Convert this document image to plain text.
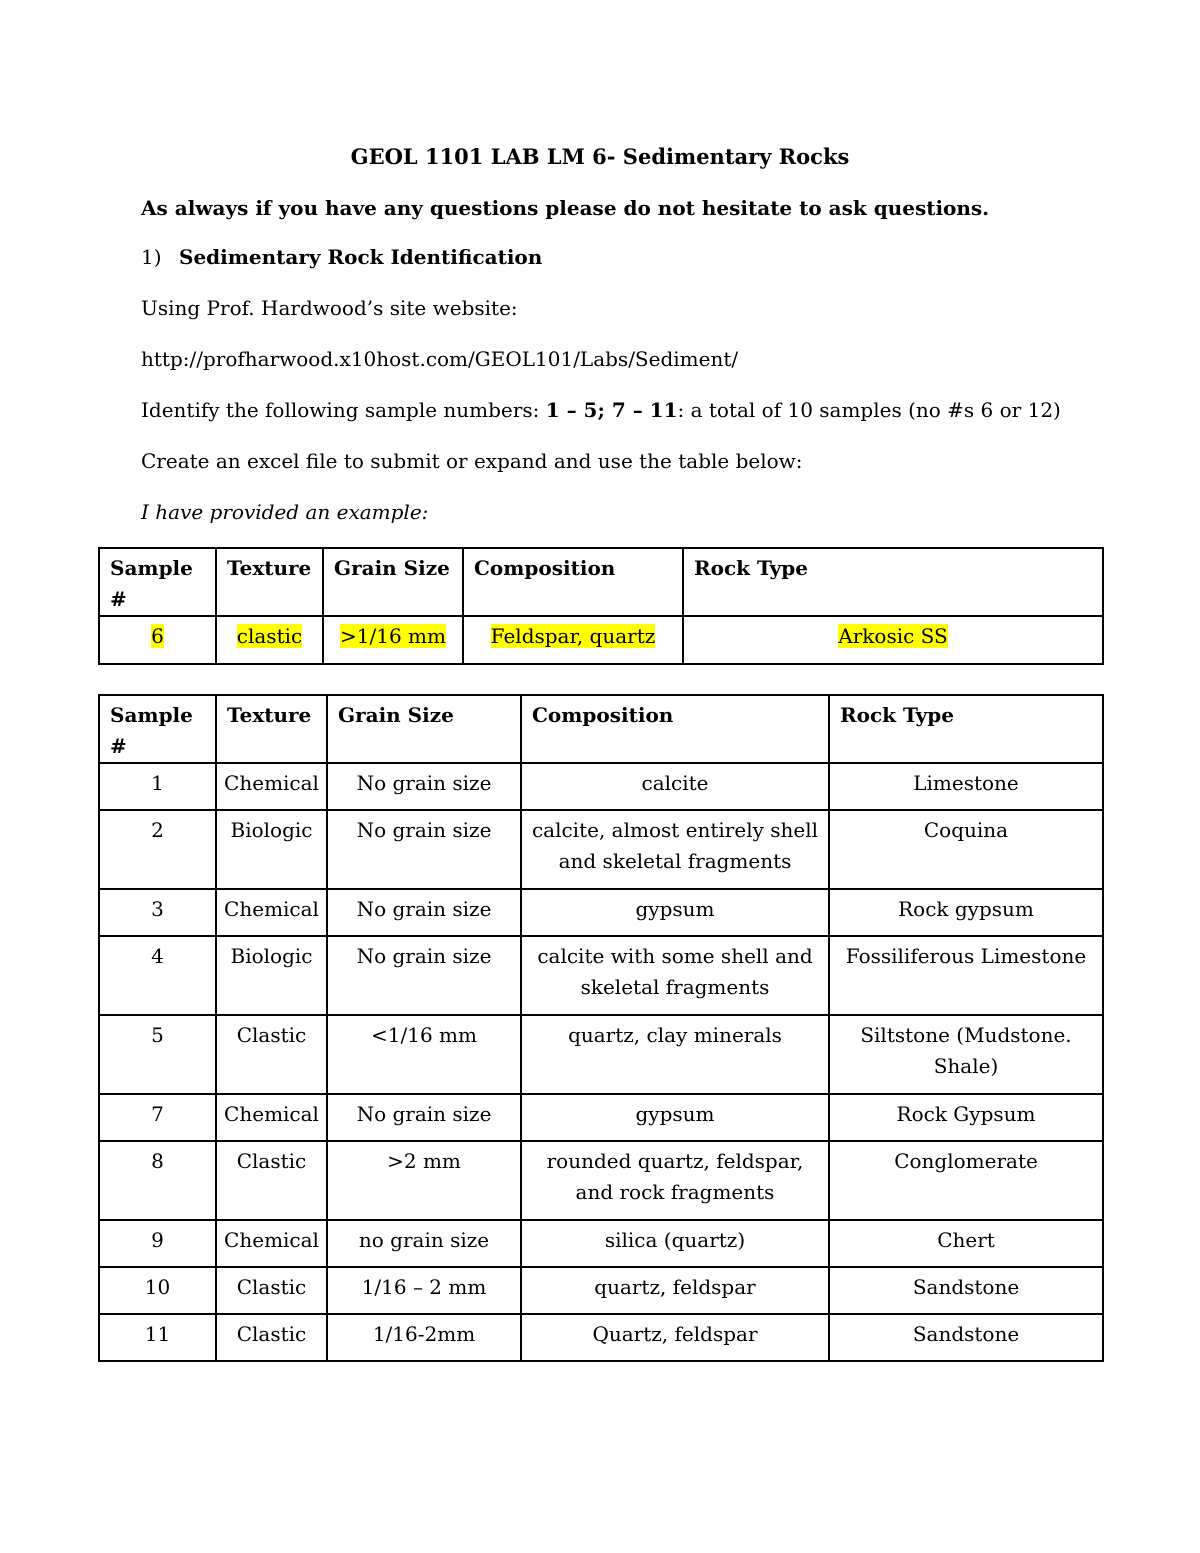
GEOL 1101 LAB LM 6- Sedimentary Rocks
As always if you have any questions please do not hesitate to ask questions.
1) Sedimentary Rock Identification
Using Prof. Hardwood’s site website:
http://profharwood.x10host.com/GEOL101/Labs/Sediment/
Identify the following sample numbers: 1 – 5; 7 – 11: a total of 10 samples (no #s 6 or 12)
Create an excel file to submit or expand and use the table below:
I have provided an example:
Sample #	Texture	Grain Size	Composition	Rock Type
6	clastic	>1/16 mm	Feldspar, quartz	Arkosic SS
Sample #	Texture	Grain Size	Composition	Rock Type
1	Chemical	No grain size	calcite	Limestone
2	Biologic	No grain size	calcite, almost entirely shell and skeletal fragments	Coquina
3	Chemical	No grain size	gypsum	Rock gypsum
4	Biologic	No grain size	calcite with some shell and skeletal fragments	Fossiliferous Limestone
5	Clastic	<1/16 mm	quartz, clay minerals	Siltstone (Mudstone. Shale)
7	Chemical	No grain size	gypsum	Rock Gypsum
8	Clastic	>2 mm	rounded quartz, feldspar, and rock fragments	Conglomerate
9	Chemical	no grain size	silica (quartz)	Chert
10	Clastic	1/16 – 2 mm	quartz, feldspar	Sandstone
11	Clastic	1/16-2mm	Quartz, feldspar	Sandstone
